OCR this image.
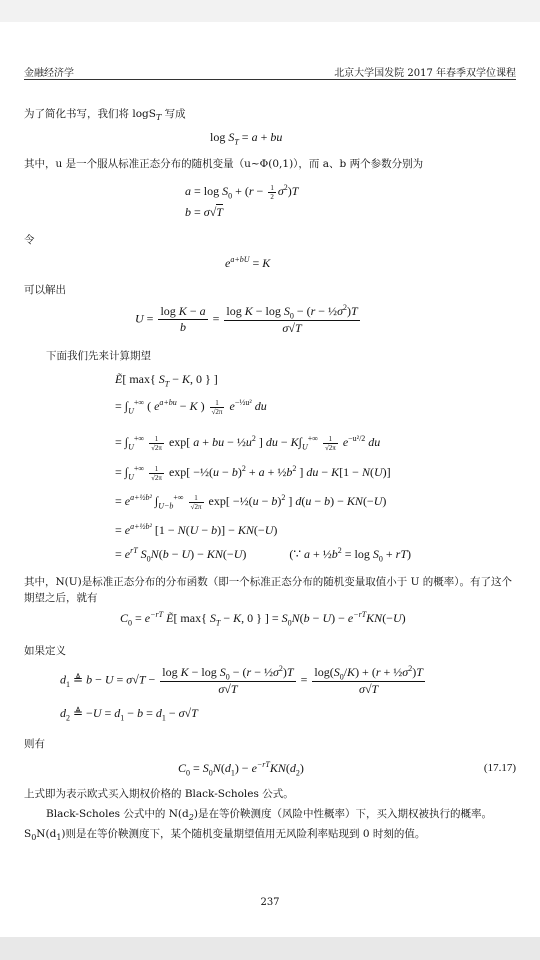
金融经济学	北京大学国发院 2017 年春季双学位课程
为了简化书写，我们将 logS$_T$ 写成
$\log S_T = a$ + bu
其中，u 是一个服从标准正态分布的随机变量（u~Φ(0,1)），而 a、b 两个参数分别为
$a = \log S_0 + (r - \frac{1}{2} \sigma^2)T$
b = σ√T
令
$e^{a+bU} = K$
可以解出
$U = \frac{\text{log K − a}}{b} = \frac{\log K - \log S_0 - (r - \frac{1}{2}\sigma^2)T}{\sigma√T}$
下面我们先来计算期望
Ẽ[ max{ $S_T - K$, 0 } ]
= $\int_U^{+\infty}$ ( $e^{a+bu} - K$ ) $\frac{1}{√2\pi} e^{-\frac{1}{2}u^2}$ du
= $\int_U^{+\infty} \frac{1}{√2\pi} \exp$[ a + bu − $\frac{1}{2}u^2$ ] du − $K\int_U^{+\infty} \frac{1}{√2\pi} e^{-u^2/2}$ du
= $\int_U^{+\infty} \frac{1}{√2\pi} \exp$[ −½(u − $b)^2 + a + \frac{1}{2}b^2$ ] du − K[1 − N(U)]
= $e^{a+\frac{1}{2}b^2}$ $\int_{U-b}^{+\infty} \frac{1}{√2\pi} \exp$[ −½(u − b)$^2$ ] d(u − b) − KN(−U)
= $e^{a+\frac{1}{2}b^2}$ [1 − N(U − b)] − KN(−U)
= $e^{rT}$ $S_0N(b - U) - KN(-U)$	(∵ $a + \frac{1}{2}b^2 = \log S_0 + rT$)
其中，N(U)是标准正态分布的分布函数（即一个标准正态分布的随机变量取值小于 U 的概率）。有了这个期望之后，就有
$C_0 = e^{-rT}$ Ẽ[ max{ $S_T - K$, 0 } ] = $S_0N(b - U) - e^{-rT}KN(-U)$
如果定义
$d_1$ ≜ $b - U = \sigma√T - \frac{\log K - \log S_0 - (r - \frac{1}{2}\sigma^2)T}{\sigma√T} = \frac{\log(S_0/K) + (r + \frac{1}{2}\sigma^2)T}{\sigma√T}$
$d_2$ ≜ $-U = d_1 - b = d_1 - \sigma√T$
则有
$C_0 = S_0N(d_1) - e^{-rT}KN(d_2)$	(17.17)
上式即为表示欧式买入期权价格的 Black-Scholes 公式。
Black-Scholes 公式中的 $N(d_2)$是在等价鞅测度（风险中性概率）下，买入期权被执行的概率。$S_0N(d_1)$则是在等价鞅测度下，某个随机变量期望值用无风险利率贴现到 0 时刻的值。
237
